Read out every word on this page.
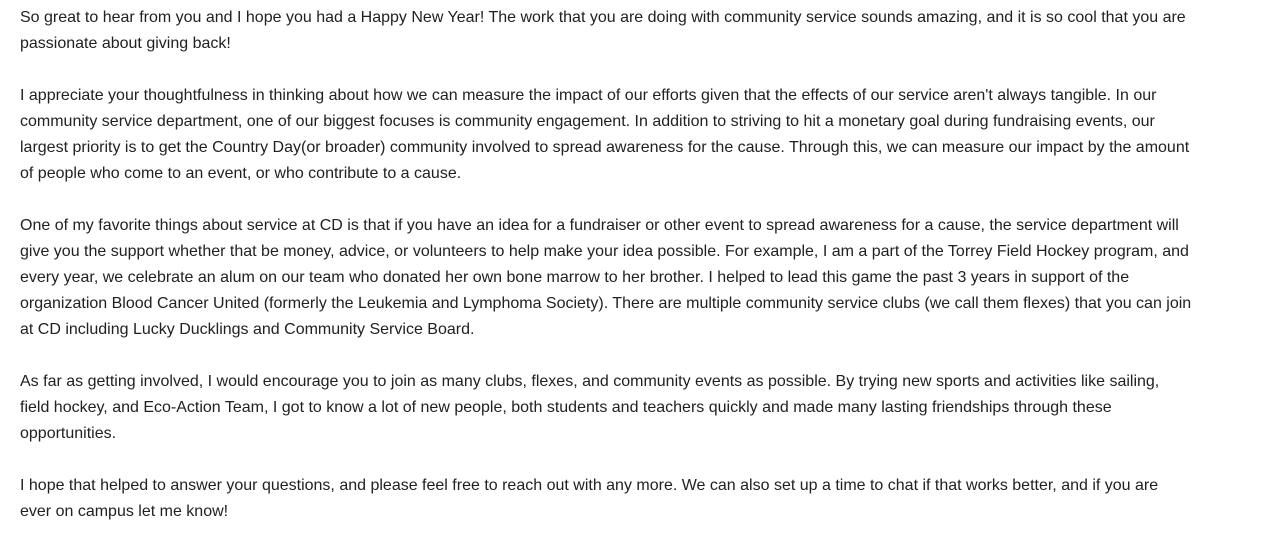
So great to hear from you and I hope you had a Happy New Year! The work that you are doing with community service sounds amazing, and it is so cool that you are
passionate about giving back!
I appreciate your thoughtfulness in thinking about how we can measure the impact of our efforts given that the effects of our service aren't always tangible. In our
community service department, one of our biggest focuses is community engagement. In addition to striving to hit a monetary goal during fundraising events, our
largest priority is to get the Country Day(or broader) community involved to spread awareness for the cause. Through this, we can measure our impact by the amount
of people who come to an event, or who contribute to a cause.
One of my favorite things about service at CD is that if you have an idea for a fundraiser or other event to spread awareness for a cause, the service department will
give you the support whether that be money, advice, or volunteers to help make your idea possible. For example, I am a part of the Torrey Field Hockey program, and
every year, we celebrate an alum on our team who donated her own bone marrow to her brother. I helped to lead this game the past 3 years in support of the
organization Blood Cancer United (formerly the Leukemia and Lymphoma Society). There are multiple community service clubs (we call them flexes) that you can join
at CD including Lucky Ducklings and Community Service Board.
As far as getting involved, I would encourage you to join as many clubs, flexes, and community events as possible. By trying new sports and activities like sailing,
field hockey, and Eco-Action Team, I got to know a lot of new people, both students and teachers quickly and made many lasting friendships through these
opportunities.
I hope that helped to answer your questions, and please feel free to reach out with any more. We can also set up a time to chat if that works better, and if you are
ever on campus let me know!
